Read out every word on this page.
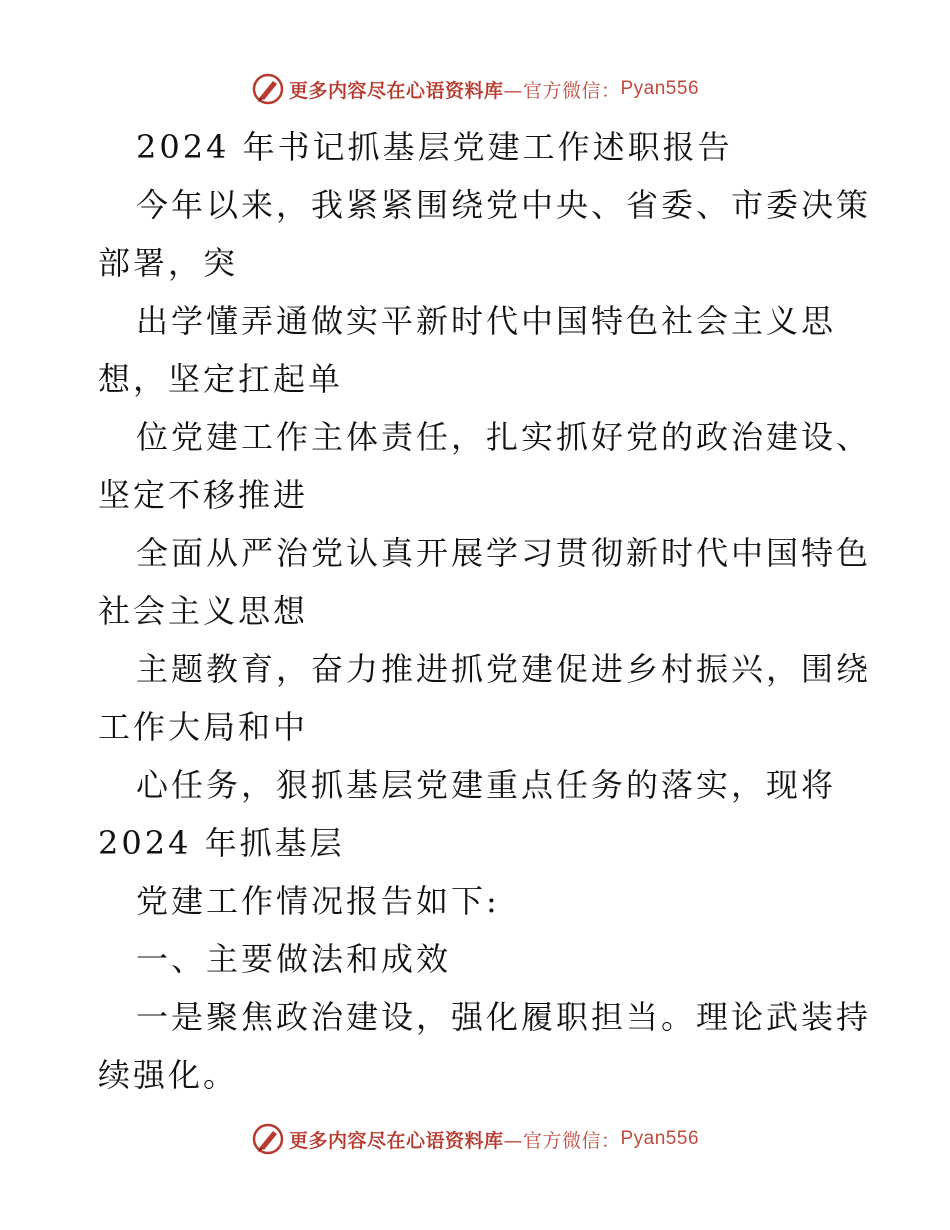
更多内容尽在心语资料库 —官方微信： Pyan556
2024 年书记抓基层党建工作述职报告
今年以来，我紧紧围绕党中央、省委、市委决策
部署，突
出学懂弄通做实平新时代中国特色社会主义思
想，坚定扛起单
位党建工作主体责任，扎实抓好党的政治建设、
坚定不移推进
全面从严治党认真开展学习贯彻新时代中国特色
社会主义思想
主题教育，奋力推进抓党建促进乡村振兴，围绕
工作大局和中
心任务，狠抓基层党建重点任务的落实，现将
2024 年抓基层
党建工作情况报告如下:
一、主要做法和成效
一是聚焦政治建设，强化履职担当。理论武装持
续强化。
更多内容尽在心语资料库 —官方微信： Pyan556
